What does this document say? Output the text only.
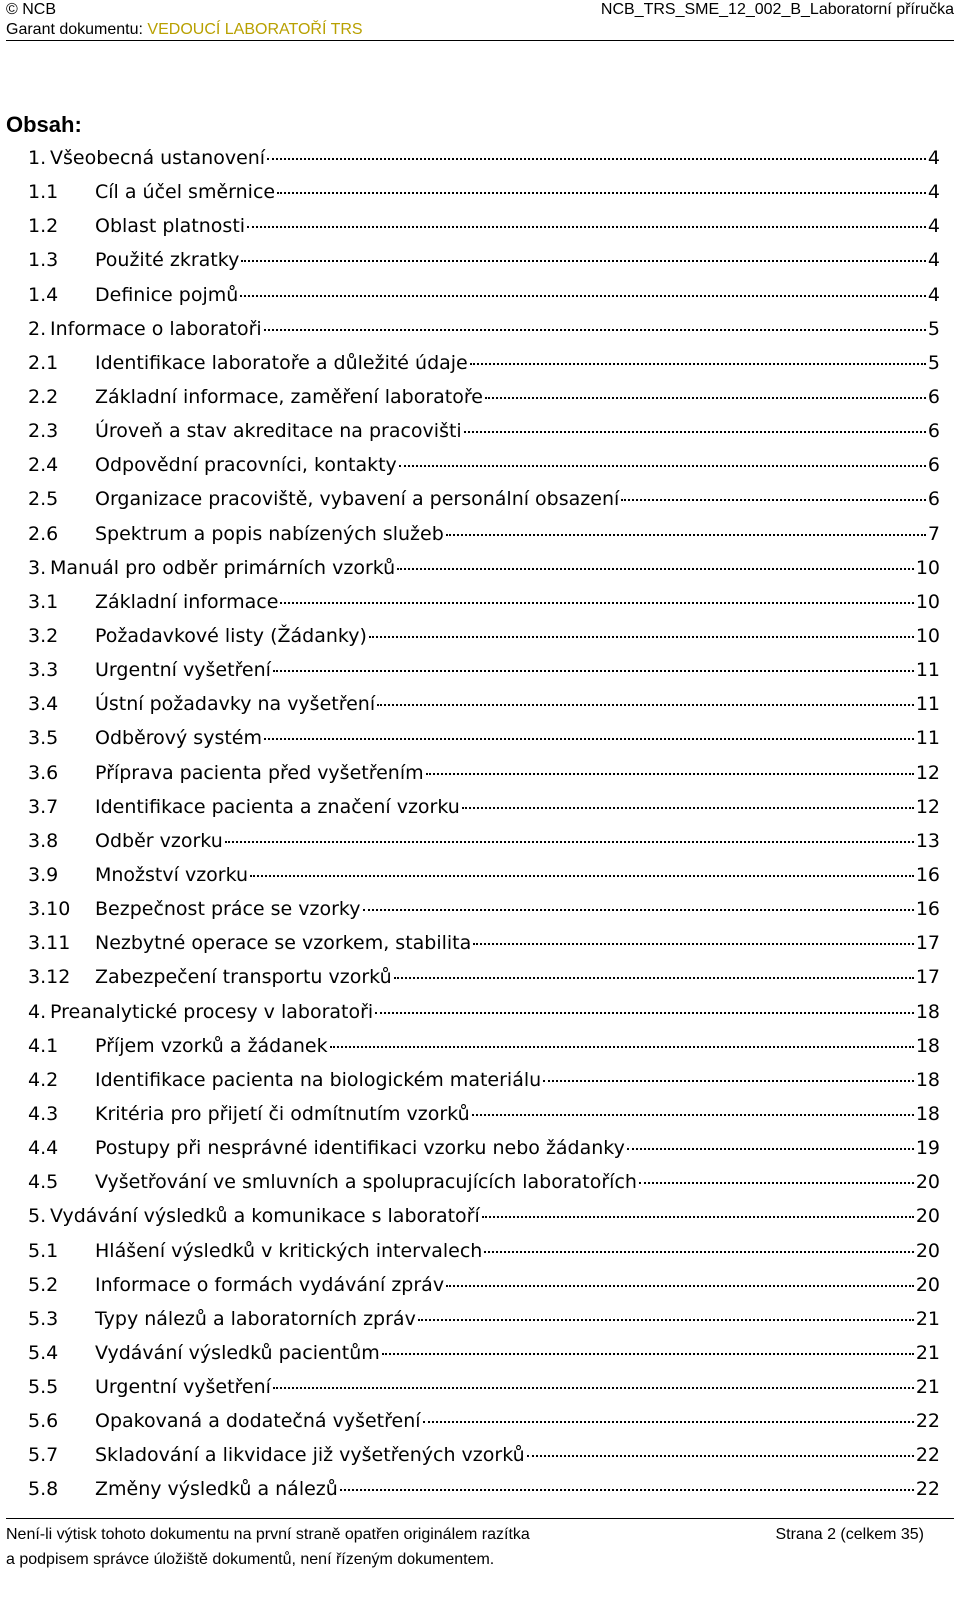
© NCB	NCB_TRS_SME_12_002_B_Laboratorní příručka
Garant dokumentu: VEDOUCÍ LABORATOŘÍ TRS
Obsah:
1. Všeobecná ustanovení	4
1.1	Cíl a účel směrnice	4
1.2	Oblast platnosti	4
1.3	Použité zkratky	4
1.4	Definice pojmů	4
2. Informace o laboratoři	5
2.1	Identifikace laboratoře a důležité údaje	5
2.2	Základní informace, zaměření laboratoře	6
2.3	Úroveň a stav akreditace na pracovišti	6
2.4	Odpovědní pracovníci, kontakty	6
2.5	Organizace pracoviště, vybavení a personální obsazení	6
2.6	Spektrum a popis nabízených služeb	7
3. Manuál pro odběr primárních vzorků	10
3.1	Základní informace	10
3.2	Požadavkové listy (Žádanky)	10
3.3	Urgentní vyšetření	11
3.4	Ústní požadavky na vyšetření	11
3.5	Odběrový systém	11
3.6	Příprava pacienta před vyšetřením	12
3.7	Identifikace pacienta a značení vzorku	12
3.8	Odběr vzorku	13
3.9	Množství vzorku	16
3.10	Bezpečnost práce se vzorky	16
3.11	Nezbytné operace se vzorkem, stabilita	17
3.12	Zabezpečení transportu vzorků	17
4. Preanalytické procesy v laboratoři	18
4.1	Příjem vzorků a žádanek	18
4.2	Identifikace pacienta na biologickém materiálu	18
4.3	Kritéria pro přijetí či odmítnutím vzorků	18
4.4	Postupy při nesprávné identifikaci vzorku nebo žádanky	19
4.5	Vyšetřování ve smluvních a spolupracujících laboratořích	20
5. Vydávání výsledků a komunikace s laboratoří	20
5.1	Hlášení výsledků v kritických intervalech	20
5.2	Informace o formách vydávání zpráv	20
5.3	Typy nálezů a laboratorních zpráv	21
5.4	Vydávání výsledků pacientům	21
5.5	Urgentní vyšetření	21
5.6	Opakovaná a dodatečná vyšetření	22
5.7	Skladování a likvidace již vyšetřených vzorků	22
5.8	Změny výsledků a nálezů	22
Není-li výtisk tohoto dokumentu na první straně opatřen originálem razítka	Strana 2 (celkem 35)
a podpisem správce úložiště dokumentů, není řízeným dokumentem.
